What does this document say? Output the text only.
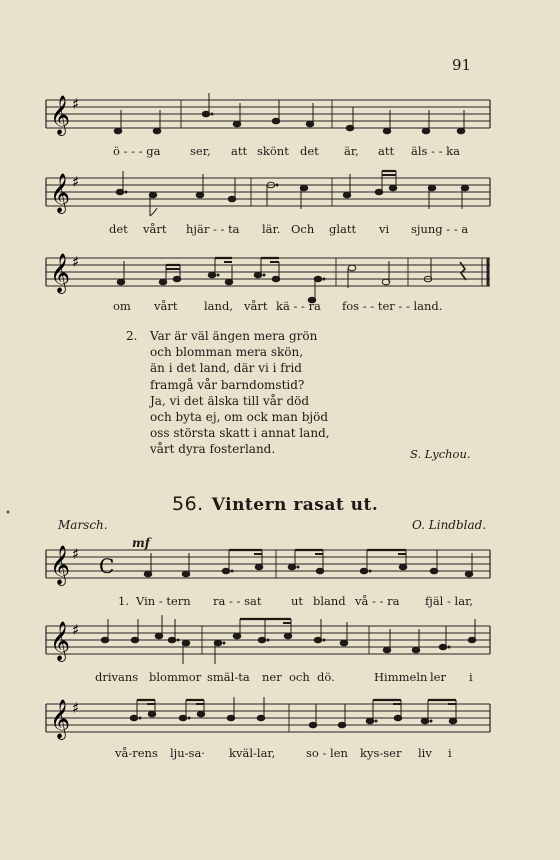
91
𝄞 ♯
ö - - - ga	ser, att skönt det är, att äls - - ka
𝄞 ♯
det vårt hjär - - ta lär. Och glatt vi sjung - - a
𝄞 ♯
om vårt land, vårt kä - - ra fos - - ter - - land.
2. Var är väl ängen mera grön
och blomman mera skön,
än i det land, där vi i frid
framgå vår barndomstid?
Ja, vi det älska till vår död
och byta ej, om ock man bjöd
oss största skatt i annat land,
vårt dyra fosterland.	S. Lychou.
•	56. Vintern rasat ut.
Marsch.	O. Lindblad.
mf
𝄞 ♯ C
1. Vin - tern ra - - sat	ut bland vå - - ra fjäl - lar,
𝄞 ♯
drivans blommor smäl-ta ner och dö.	Himmeln ler i
𝄞 ♯
vå-rens lju-sa· kväl-lar,	so - len kys-ser liv i
